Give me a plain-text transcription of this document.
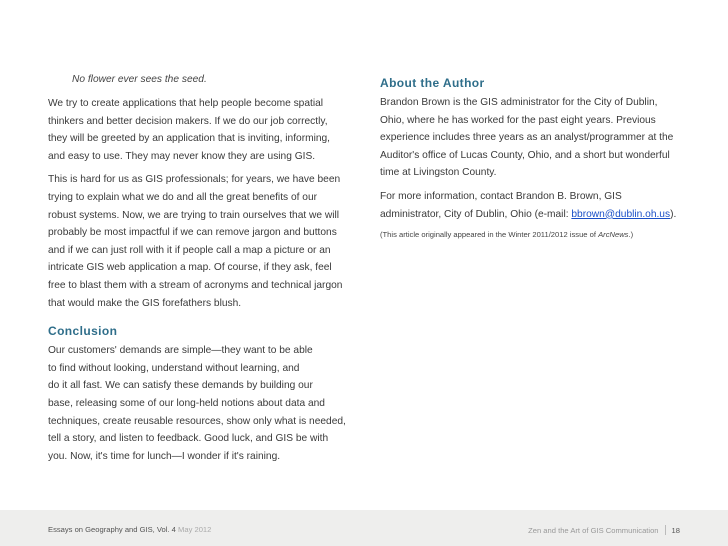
No flower ever sees the seed.

We try to create applications that help people become spatial
thinkers and better decision makers. If we do our job correctly,
they will be greeted by an application that is inviting, informing,
and easy to use. They may never know they are using GIS.

This is hard for us as GIS professionals; for years, we have been
trying to explain what we do and all the great benefits of our
robust systems. Now, we are trying to train ourselves that we will
probably be most impactful if we can remove jargon and buttons
and if we can just roll with it if people call a map a picture or an
intricate GIS web application a map. Of course, if they ask, feel
free to blast them with a stream of acronyms and technical jargon
that would make the GIS forefathers blush.

Conclusion

Our customers' demands are simple—they want to be able
to find without looking, understand without learning, and
do it all fast. We can satisfy these demands by building our
base, releasing some of our long-held notions about data and
techniques, create reusable resources, show only what is needed,
tell a story, and listen to feedback. Good luck, and GIS be with
you. Now, it's time for lunch—I wonder if it's raining.

About the Author

Brandon Brown is the GIS administrator for the City of Dublin,
Ohio, where he has worked for the past eight years. Previous
experience includes three years as an analyst/programmer at the
Auditor's office of Lucas County, Ohio, and a short but wonderful
time at Livingston County.

For more information, contact Brandon B. Brown, GIS
administrator, City of Dublin, Ohio (e-mail: bbrown@dublin.oh.us).

(This article originally appeared in the Winter 2011/2012 issue of ArcNews.)
Essays on Geography and GIS, Vol. 4 May 2012	Zen and the Art of GIS Communication 18
